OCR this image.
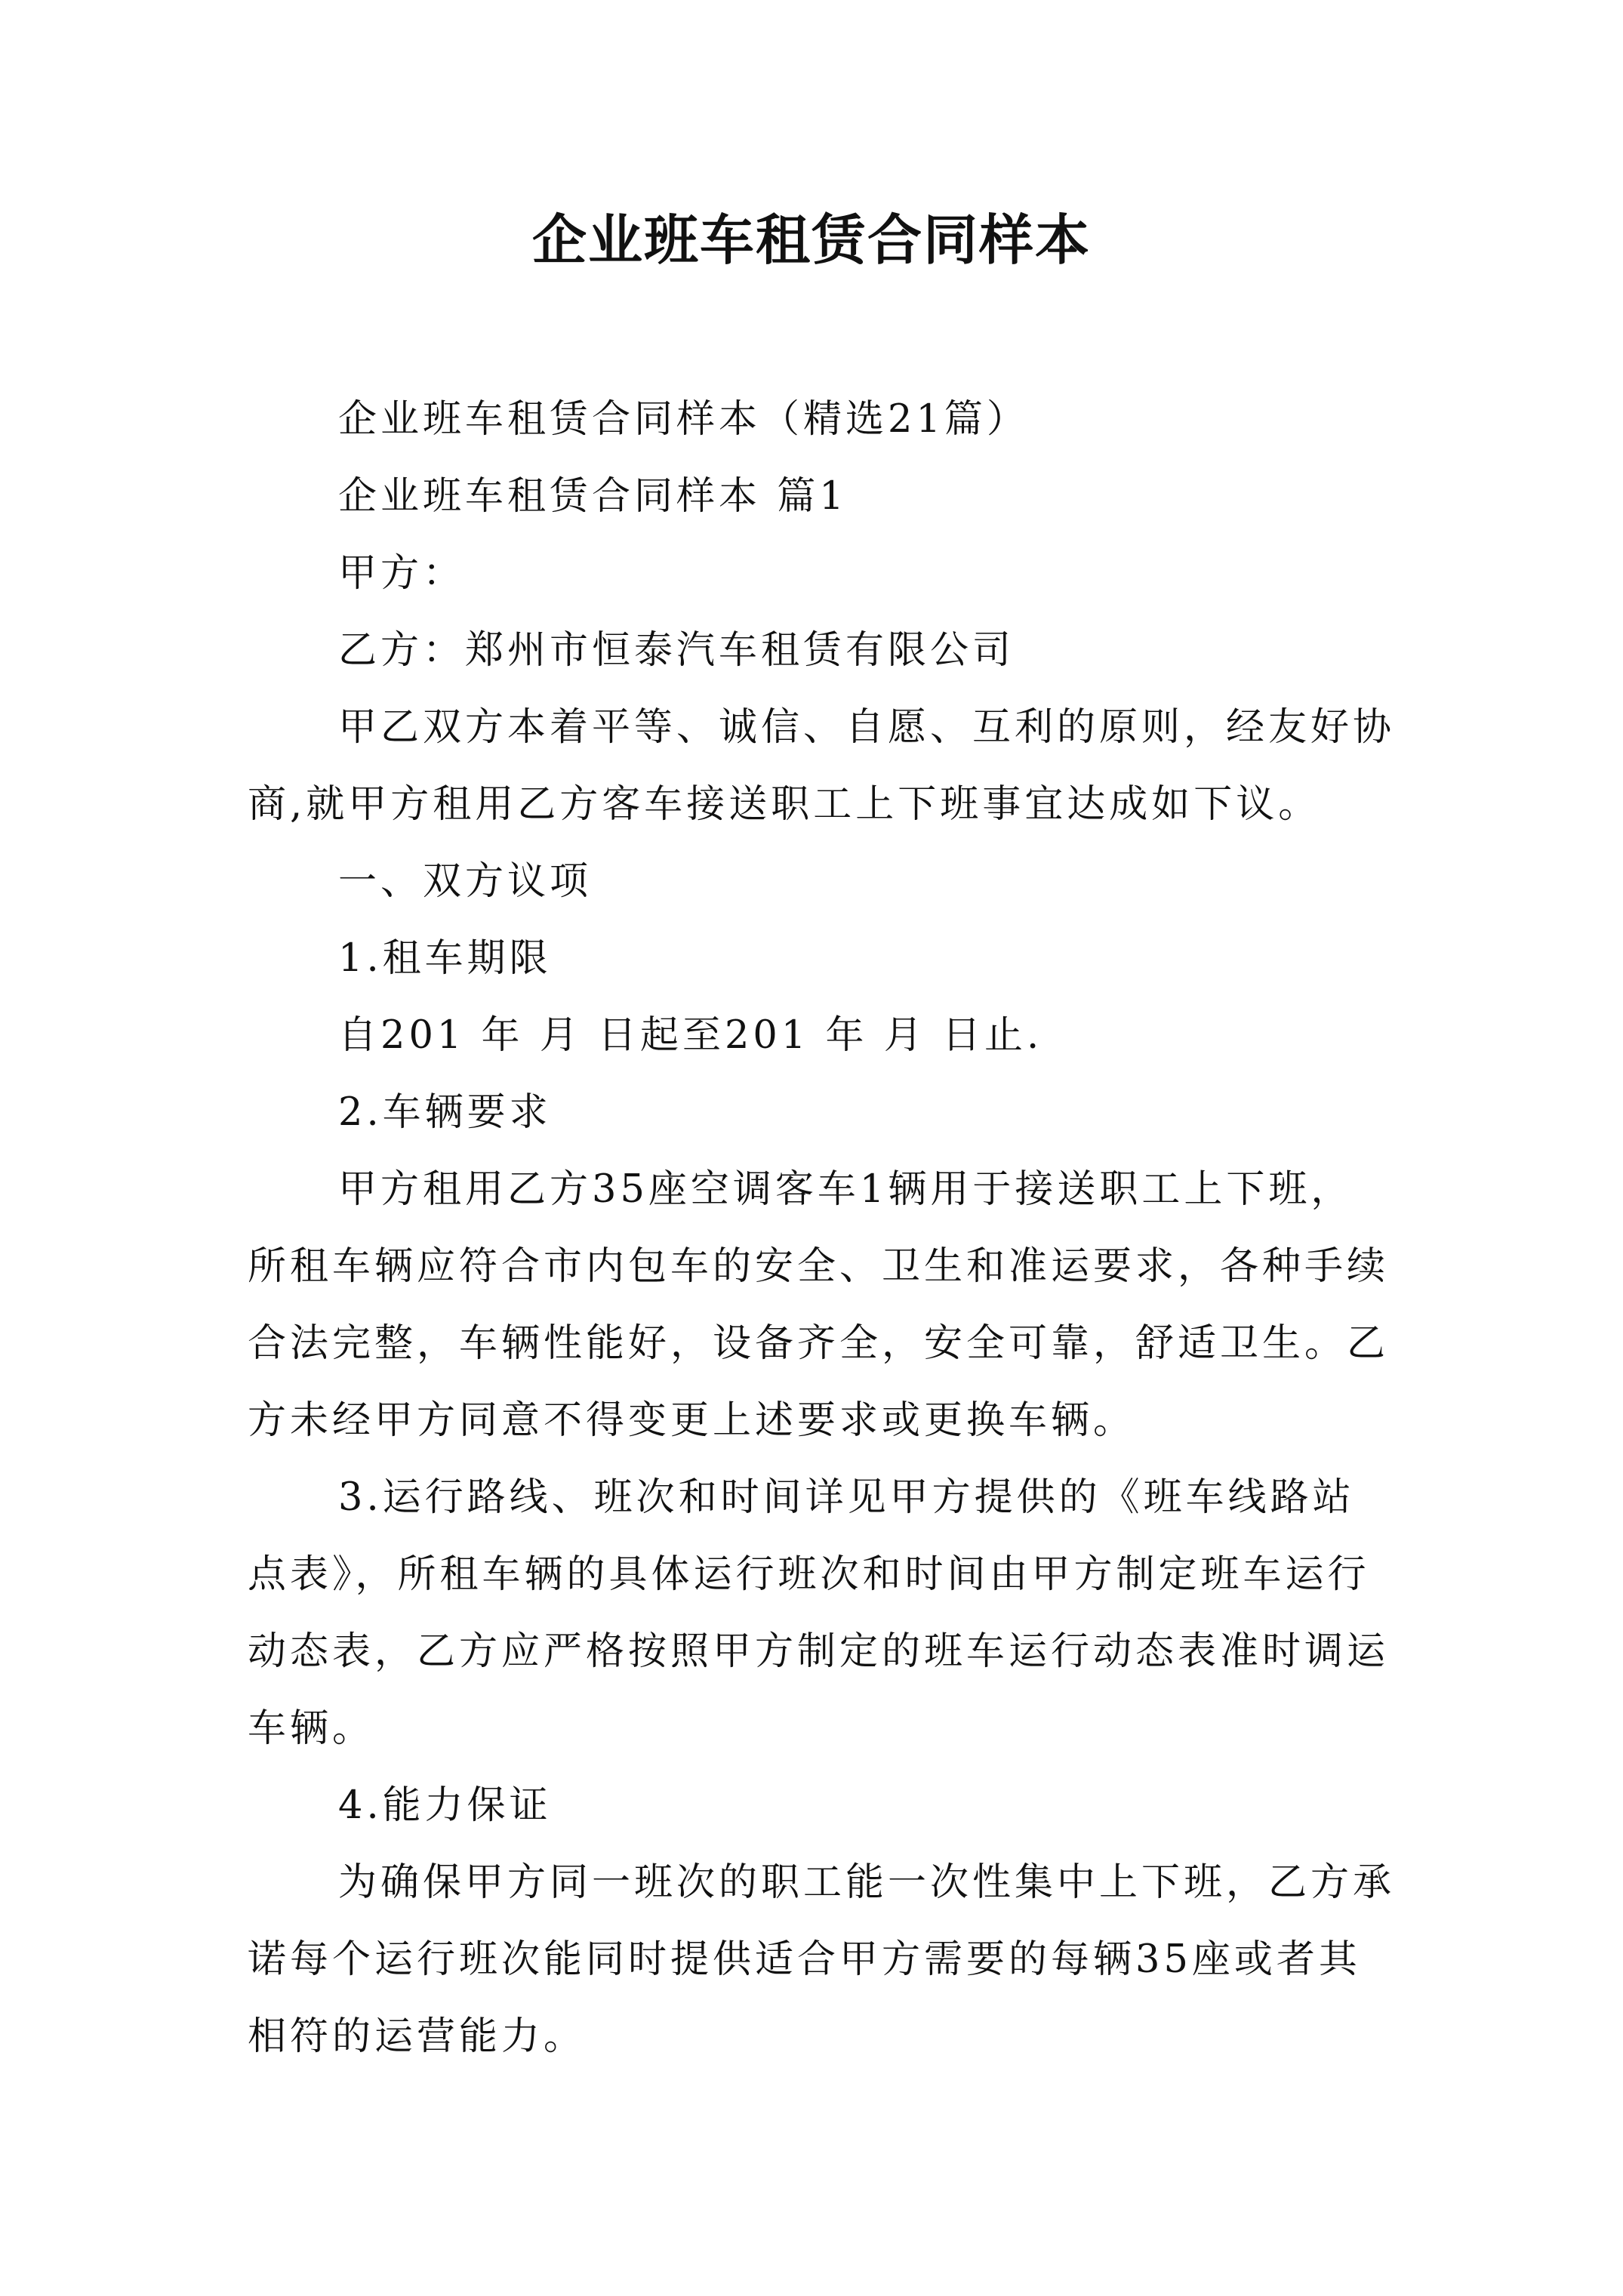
企业班车租赁合同样本

企业班车租赁合同样本（精选21篇）

企业班车租赁合同样本 篇1

甲方：

乙方：郑州市恒泰汽车租赁有限公司

甲乙双方本着平等、诚信、自愿、互利的原则，经友好协商,就甲方租用乙方客车接送职工上下班事宜达成如下议。

一、双方议项

1.租车期限

自201 年 月 日起至201 年 月 日止.

2.车辆要求

甲方租用乙方35座空调客车1辆用于接送职工上下班，所租车辆应符合市内包车的安全、卫生和准运要求，各种手续合法完整，车辆性能好，设备齐全，安全可靠，舒适卫生。乙方未经甲方同意不得变更上述要求或更换车辆。

3.运行路线、班次和时间详见甲方提供的《班车线路站点表》，所租车辆的具体运行班次和时间由甲方制定班车运行动态表，乙方应严格按照甲方制定的班车运行动态表准时调运车辆。

4.能力保证

为确保甲方同一班次的职工能一次性集中上下班，乙方承诺每个运行班次能同时提供适合甲方需要的每辆35座或者其相符的运营能力。
